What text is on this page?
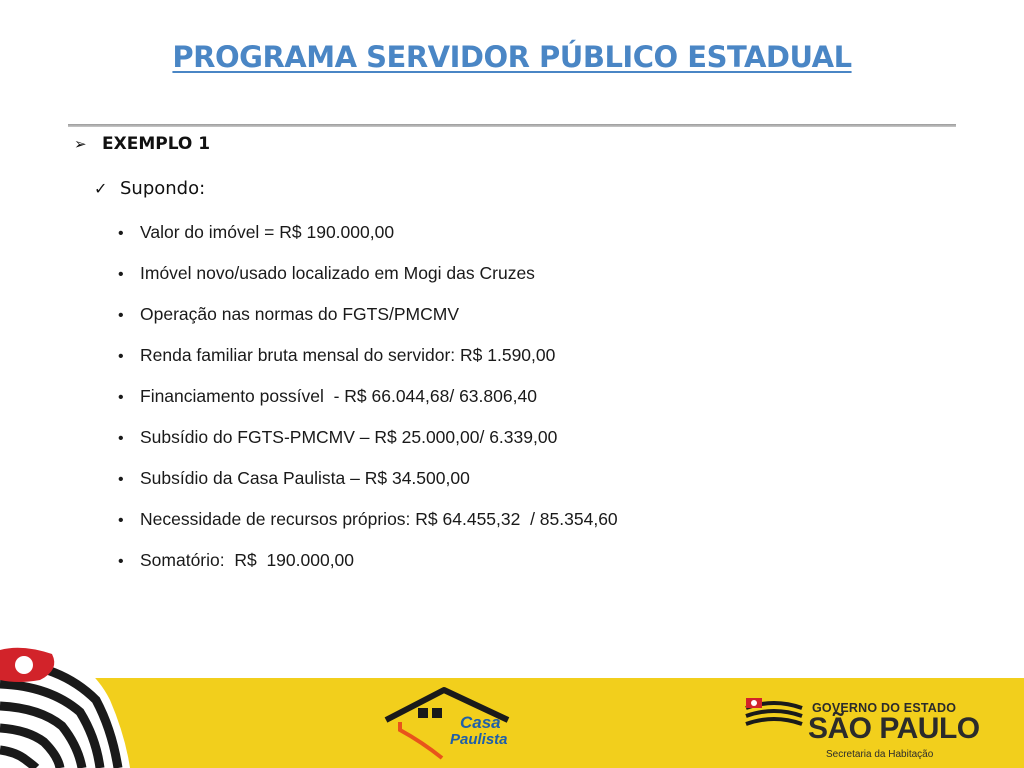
PROGRAMA SERVIDOR PÚBLICO ESTADUAL
➢ EXEMPLO 1
✓ Supondo:
• Valor do imóvel = R$ 190.000,00
• Imóvel novo/usado localizado em Mogi das Cruzes
• Operação nas normas do FGTS/PMCMV
• Renda familiar bruta mensal do servidor: R$ 1.590,00
• Financiamento possível  - R$ 66.044,68/ 63.806,40
• Subsídio do FGTS-PMCMV – R$ 25.000,00/ 6.339,00
• Subsídio da Casa Paulista – R$ 34.500,00
• Necessidade de recursos próprios: R$ 64.455,32  / 85.354,60
• Somatório:  R$  190.000,00
Casa
Paulista
GOVERNO DO ESTADO
SÃO PAULO
Secretaria da Habitação
